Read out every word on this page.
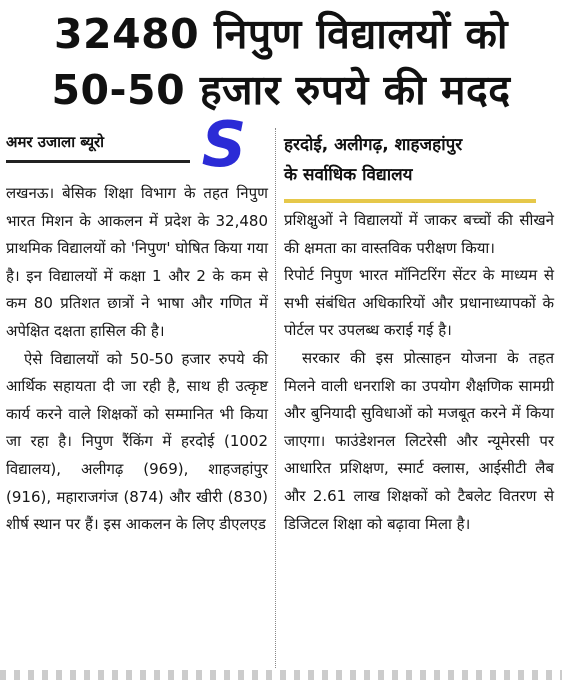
32480 निपुण विद्यालयों को
50-50 हजार रुपये की मदद
अमर उजाला ब्यूरो S हरदोई, अलीगढ़, शाहजहांपुर
के सर्वाधिक विद्यालय

लखनऊ। बेसिक शिक्षा विभाग के तहत निपुण भारत मिशन के आकलन में प्रदेश के 32,480 प्राथमिक विद्यालयों को 'निपुण' घोषित किया गया है। इन विद्यालयों में कक्षा 1 और 2 के कम से कम 80 प्रतिशत छात्रों ने भाषा और गणित में अपेक्षित दक्षता हासिल की है।

ऐसे विद्यालयों को 50-50 हजार रुपये की आर्थिक सहायता दी जा रही है, साथ ही उत्कृष्ट कार्य करने वाले शिक्षकों को सम्मानित भी किया जा रहा है। निपुण रैंकिंग में हरदोई (1002 विद्यालय), अलीगढ़ (969), शाहजहांपुर (916), महाराजगंज (874) और खीरी (830) शीर्ष स्थान पर हैं। इस आकलन के लिए डीएलएड

प्रशिक्षुओं ने विद्यालयों में जाकर बच्चों की सीखने की क्षमता का वास्तविक परीक्षण किया।

रिपोर्ट निपुण भारत मॉनिटरिंग सेंटर के माध्यम से सभी संबंधित अधिकारियों और प्रधानाध्यापकों के पोर्टल पर उपलब्ध कराई गई है।

सरकार की इस प्रोत्साहन योजना के तहत मिलने वाली धनराशि का उपयोग शैक्षणिक सामग्री और बुनियादी सुविधाओं को मजबूत करने में किया जाएगा। फाउंडेशनल लिटरेसी और न्यूमेरसी पर आधारित प्रशिक्षण, स्मार्ट क्लास, आईसीटी लैब और 2.61 लाख शिक्षकों को टैबलेट वितरण से डिजिटल शिक्षा को बढ़ावा मिला है।
